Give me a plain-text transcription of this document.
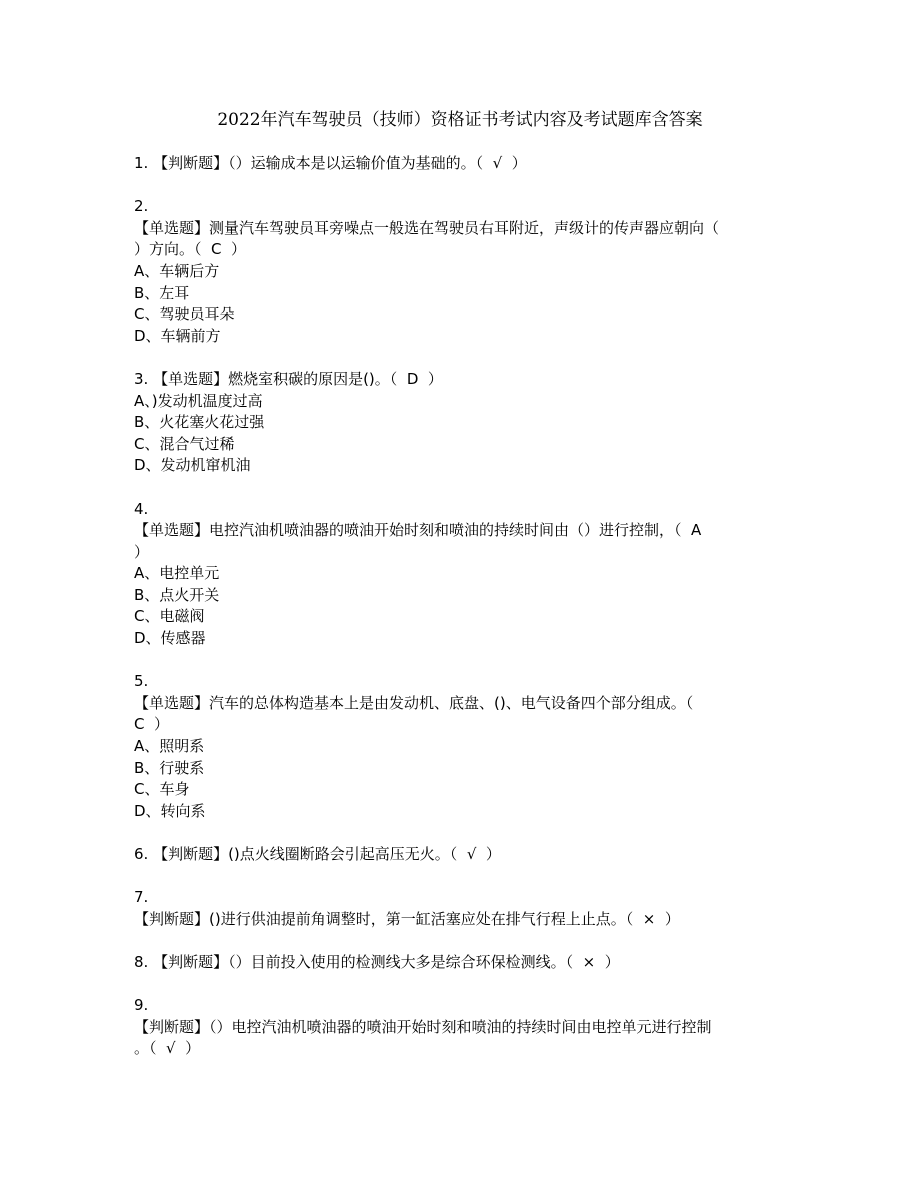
2022年汽车驾驶员（技师）资格证书考试内容及考试题库含答案
1. 【判断题】（）运输成本是以运输价值为基础的。（  √  ）
2.
【单选题】测量汽车驾驶员耳旁噪点一般选在驾驶员右耳附近，声级计的传声器应朝向（
）方向。（  C  ）
A、车辆后方
B、左耳
C、驾驶员耳朵
D、车辆前方
3. 【单选题】燃烧室积碳的原因是()。（  D  ）
A、)发动机温度过高
B、火花塞火花过强
C、混合气过稀
D、发动机窜机油
4.
【单选题】电控汽油机喷油器的喷油开始时刻和喷油的持续时间由（）进行控制，（  A
）
A、电控单元
B、点火开关
C、电磁阀
D、传感器
5.
【单选题】汽车的总体构造基本上是由发动机、底盘、()、电气设备四个部分组成。（
C  ）
A、照明系
B、行驶系
C、车身
D、转向系
6. 【判断题】()点火线圈断路会引起高压无火。（  √  ）
7.
【判断题】()进行供油提前角调整时，第一缸活塞应处在排气行程上止点。（  ×  ）
8. 【判断题】（）目前投入使用的检测线大多是综合环保检测线。（  ×  ）
9.
【判断题】（）电控汽油机喷油器的喷油开始时刻和喷油的持续时间由电控单元进行控制
。（  √  ）
